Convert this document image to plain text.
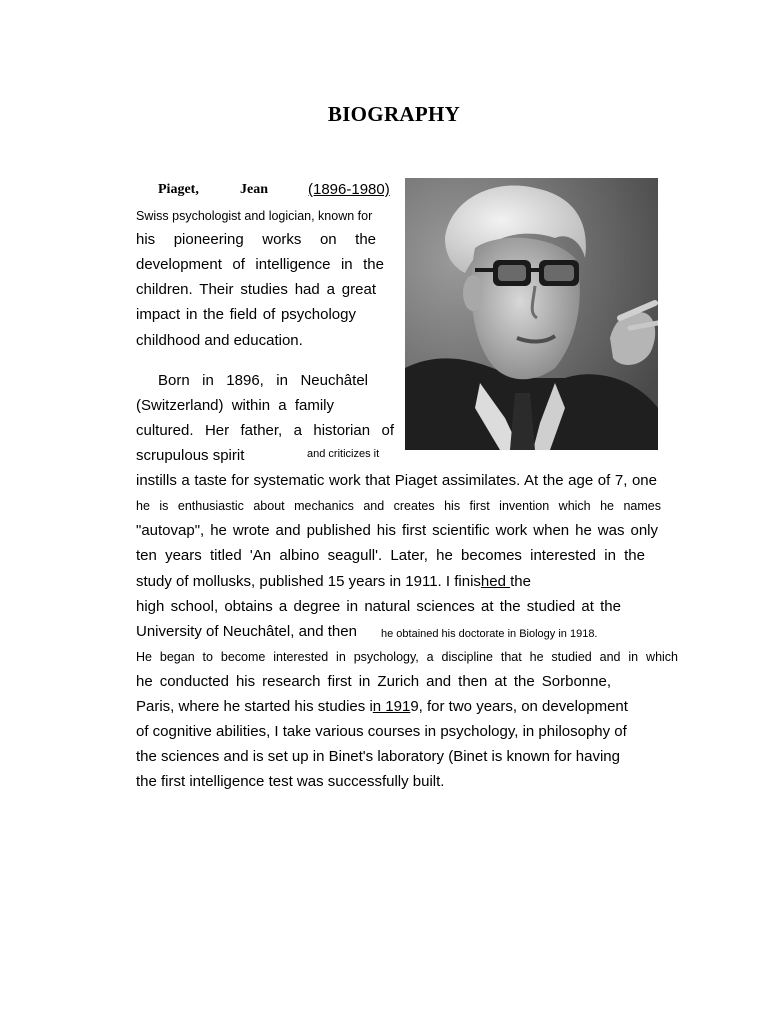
BIOGRAPHY
Piaget,	Jean	(1896-1980)
Swiss psychologist and logician, known for
his pioneering works on the
development of intelligence in the
children. Their studies had a great
impact in the field of psychology
childhood and education.
Born in 1896, in Neuchâtel
(Switzerland) within a family
cultured. Her father, a historian of
scrupulous spirit	and criticizes it
instills a taste for systematic work that Piaget assimilates. At the age of 7, one
he is enthusiastic about mechanics and creates his first invention which he names
"autovap", he wrote and published his first scientific work when he was only
ten years titled 'An albino seagull'. Later, he becomes interested in the
study of mollusks, published 15 years in 1911. I finished the
high school, obtains a degree in natural sciences at the studied at the
University of Neuchâtel, and then he obtained his doctorate in Biology in 1918.
He began to become interested in psychology, a discipline that he studied and in which
he conducted his research first in Zurich and then at the Sorbonne,
Paris, where he started his studies in 1919, for two years, on development
of cognitive abilities, I take various courses in psychology, in philosophy of
the sciences and is set up in Binet's laboratory (Binet is known for having
the first intelligence test was successfully built.
